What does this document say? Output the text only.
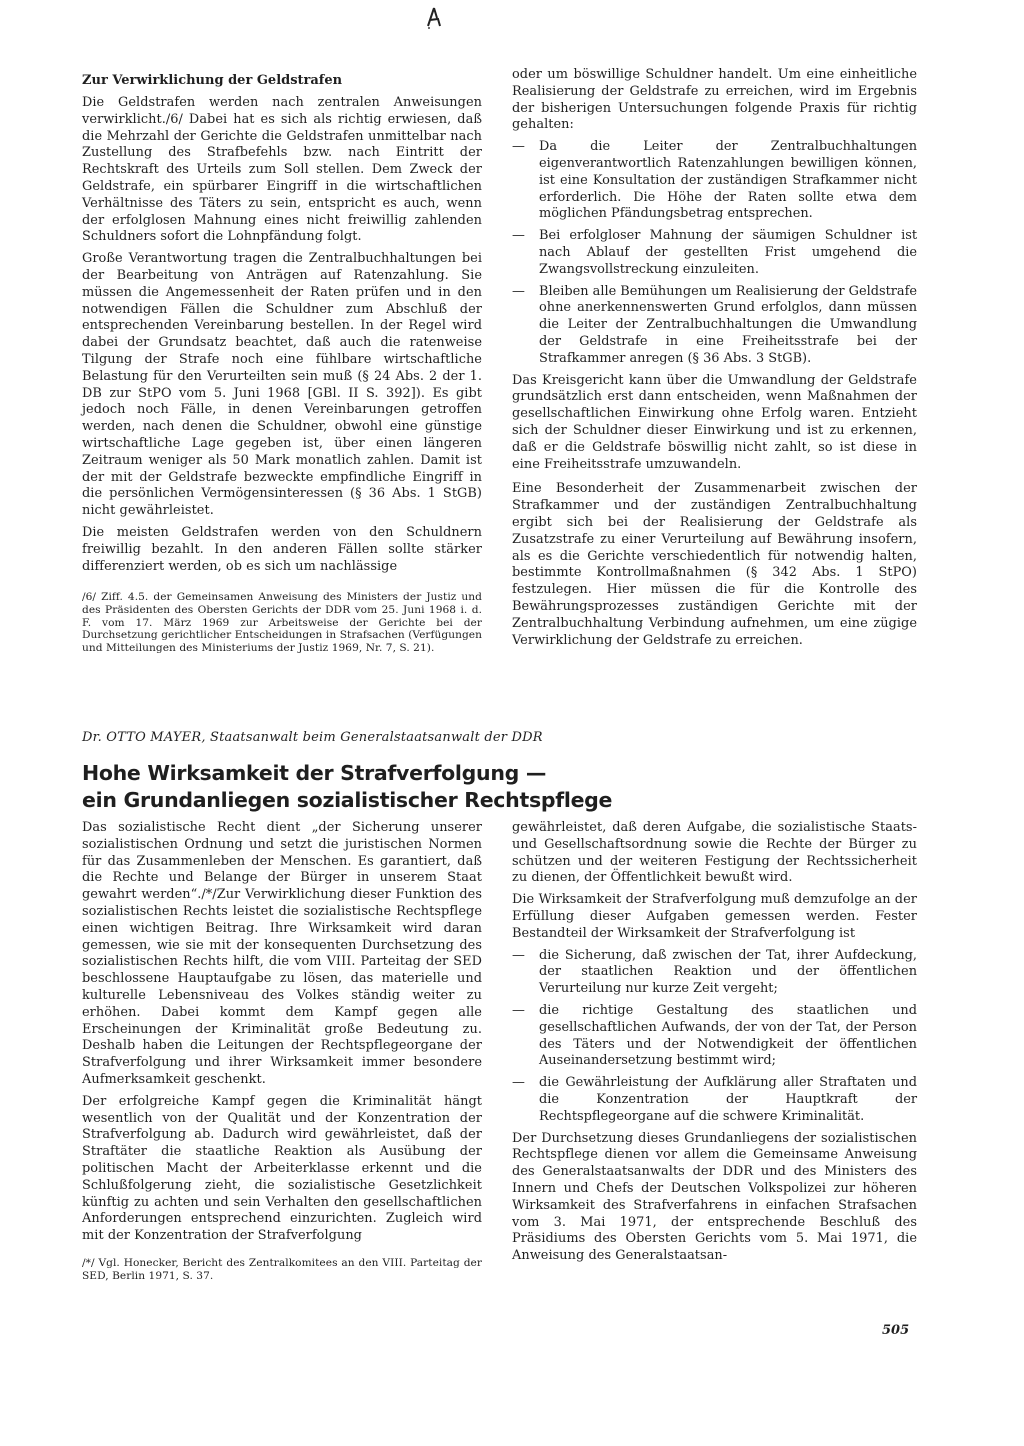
Zur Verwirklichung der Geldstrafen

Die Geldstrafen werden nach zentralen Anweisungen verwirklicht./6/ Dabei hat es sich als richtig erwiesen, daß die Mehrzahl der Gerichte die Geldstrafen unmittelbar nach Zustellung des Strafbefehls bzw. nach Eintritt der Rechtskraft des Urteils zum Soll stellen. Dem Zweck der Geldstrafe, ein spürbarer Eingriff in die wirtschaftlichen Verhältnisse des Täters zu sein, entspricht es auch, wenn der erfolglosen Mahnung eines nicht freiwillig zahlenden Schuldners sofort die Lohnpfändung folgt.

Große Verantwortung tragen die Zentralbuchhaltungen bei der Bearbeitung von Anträgen auf Ratenzahlung. Sie müssen die Angemessenheit der Raten prüfen und in den notwendigen Fällen die Schuldner zum Abschluß der entsprechenden Vereinbarung bestellen. In der Regel wird dabei der Grundsatz beachtet, daß auch die ratenweise Tilgung der Strafe noch eine fühlbare wirtschaftliche Belastung für den Verurteilten sein muß (§ 24 Abs. 2 der 1. DB zur StPO vom 5. Juni 1968 [GBl. II S. 392]). Es gibt jedoch noch Fälle, in denen Vereinbarungen getroffen werden, nach denen die Schuldner, obwohl eine günstige wirtschaftliche Lage gegeben ist, über einen längeren Zeitraum weniger als 50 Mark monatlich zahlen. Damit ist der mit der Geldstrafe bezweckte empfindliche Eingriff in die persönlichen Vermögensinteressen (§ 36 Abs. 1 StGB) nicht gewährleistet.

Die meisten Geldstrafen werden von den Schuldnern freiwillig bezahlt. In den anderen Fällen sollte stärker differenziert werden, ob es sich um nachlässige

/6/ Ziff. 4.5. der Gemeinsamen Anweisung des Ministers der Justiz und des Präsidenten des Obersten Gerichts der DDR vom 25. Juni 1968 i. d. F. vom 17. März 1969 zur Arbeitsweise der Gerichte bei der Durchsetzung gerichtlicher Entscheidungen in Strafsachen (Verfügungen und Mitteilungen des Ministeriums der Justiz 1969, Nr. 7, S. 21).

oder um böswillige Schuldner handelt. Um eine einheitliche Realisierung der Geldstrafe zu erreichen, wird im Ergebnis der bisherigen Untersuchungen folgende Praxis für richtig gehalten:

— Da die Leiter der Zentralbuchhaltungen eigenverantwortlich Ratenzahlungen bewilligen können, ist eine Konsultation der zuständigen Strafkammer nicht erforderlich. Die Höhe der Raten sollte etwa dem möglichen Pfändungsbetrag entsprechen.
— Bei erfolgloser Mahnung der säumigen Schuldner ist nach Ablauf der gestellten Frist umgehend die Zwangsvollstreckung einzuleiten.
— Bleiben alle Bemühungen um Realisierung der Geldstrafe ohne anerkennenswerten Grund erfolglos, dann müssen die Leiter der Zentralbuchhaltungen die Umwandlung der Geldstrafe in eine Freiheitsstrafe bei der Strafkammer anregen (§ 36 Abs. 3 StGB).

Das Kreisgericht kann über die Umwandlung der Geldstrafe grundsätzlich erst dann entscheiden, wenn Maßnahmen der gesellschaftlichen Einwirkung ohne Erfolg waren. Entzieht sich der Schuldner dieser Einwirkung und ist zu erkennen, daß er die Geldstrafe böswillig nicht zahlt, so ist diese in eine Freiheitsstrafe umzuwandeln.

Eine Besonderheit der Zusammenarbeit zwischen der Strafkammer und der zuständigen Zentralbuchhaltung ergibt sich bei der Realisierung der Geldstrafe als Zusatzstrafe zu einer Verurteilung auf Bewährung insofern, als es die Gerichte verschiedentlich für notwendig halten, bestimmte Kontrollmaßnahmen (§ 342 Abs. 1 StPO) festzulegen. Hier müssen die für die Kontrolle des Bewährungsprozesses zuständigen Gerichte mit der Zentralbuchhaltung Verbindung aufnehmen, um eine zügige Verwirklichung der Geldstrafe zu erreichen.

Dr. OTTO MAYER, Staatsanwalt beim Generalstaatsanwalt der DDR
Hohe Wirksamkeit der Strafverfolgung —
ein Grundanliegen sozialistischer Rechtspflege

Das sozialistische Recht dient „der Sicherung unserer sozialistischen Ordnung und setzt die juristischen Normen für das Zusammenleben der Menschen. Es garantiert, daß die Rechte und Belange der Bürger in unserem Staat gewahrt werden“./*/Zur Verwirklichung dieser Funktion des sozialistischen Rechts leistet die sozialistische Rechtspflege einen wichtigen Beitrag. Ihre Wirksamkeit wird daran gemessen, wie sie mit der konsequenten Durchsetzung des sozialistischen Rechts hilft, die vom VIII. Parteitag der SED beschlossene Hauptaufgabe zu lösen, das materielle und kulturelle Lebensniveau des Volkes ständig weiter zu erhöhen. Dabei kommt dem Kampf gegen alle Erscheinungen der Kriminalität große Bedeutung zu. Deshalb haben die Leitungen der Rechtspflegeorgane der Strafverfolgung und ihrer Wirksamkeit immer besondere Aufmerksamkeit geschenkt.

Der erfolgreiche Kampf gegen die Kriminalität hängt wesentlich von der Qualität und der Konzentration der Strafverfolgung ab. Dadurch wird gewährleistet, daß der Straftäter die staatliche Reaktion als Ausübung der politischen Macht der Arbeiterklasse erkennt und die Schlußfolgerung zieht, die sozialistische Gesetzlichkeit künftig zu achten und sein Verhalten den gesellschaftlichen Anforderungen entsprechend einzurichten. Zugleich wird mit der Konzentration der Strafverfolgung

/*/ Vgl. Honecker, Bericht des Zentralkomitees an den VIII. Parteitag der SED, Berlin 1971, S. 37.

gewährleistet, daß deren Aufgabe, die sozialistische Staats- und Gesellschaftsordnung sowie die Rechte der Bürger zu schützen und der weiteren Festigung der Rechtssicherheit zu dienen, der Öffentlichkeit bewußt wird.

Die Wirksamkeit der Strafverfolgung muß demzufolge an der Erfüllung dieser Aufgaben gemessen werden. Fester Bestandteil der Wirksamkeit der Strafverfolgung ist

— die Sicherung, daß zwischen der Tat, ihrer Aufdeckung, der staatlichen Reaktion und der öffentlichen Verurteilung nur kurze Zeit vergeht;
— die richtige Gestaltung des staatlichen und gesellschaftlichen Aufwands, der von der Tat, der Person des Täters und der Notwendigkeit der öffentlichen Auseinandersetzung bestimmt wird;
— die Gewährleistung der Aufklärung aller Straftaten und die Konzentration der Hauptkraft der Rechtspflegeorgane auf die schwere Kriminalität.

Der Durchsetzung dieses Grundanliegens der sozialistischen Rechtspflege dienen vor allem die Gemeinsame Anweisung des Generalstaatsanwalts der DDR und des Ministers des Innern und Chefs der Deutschen Volkspolizei zur höheren Wirksamkeit des Strafverfahrens in einfachen Strafsachen vom 3. Mai 1971, der entsprechende Beschluß des Präsidiums des Obersten Gerichts vom 5. Mai 1971, die Anweisung des Generalstaatsan-

505
